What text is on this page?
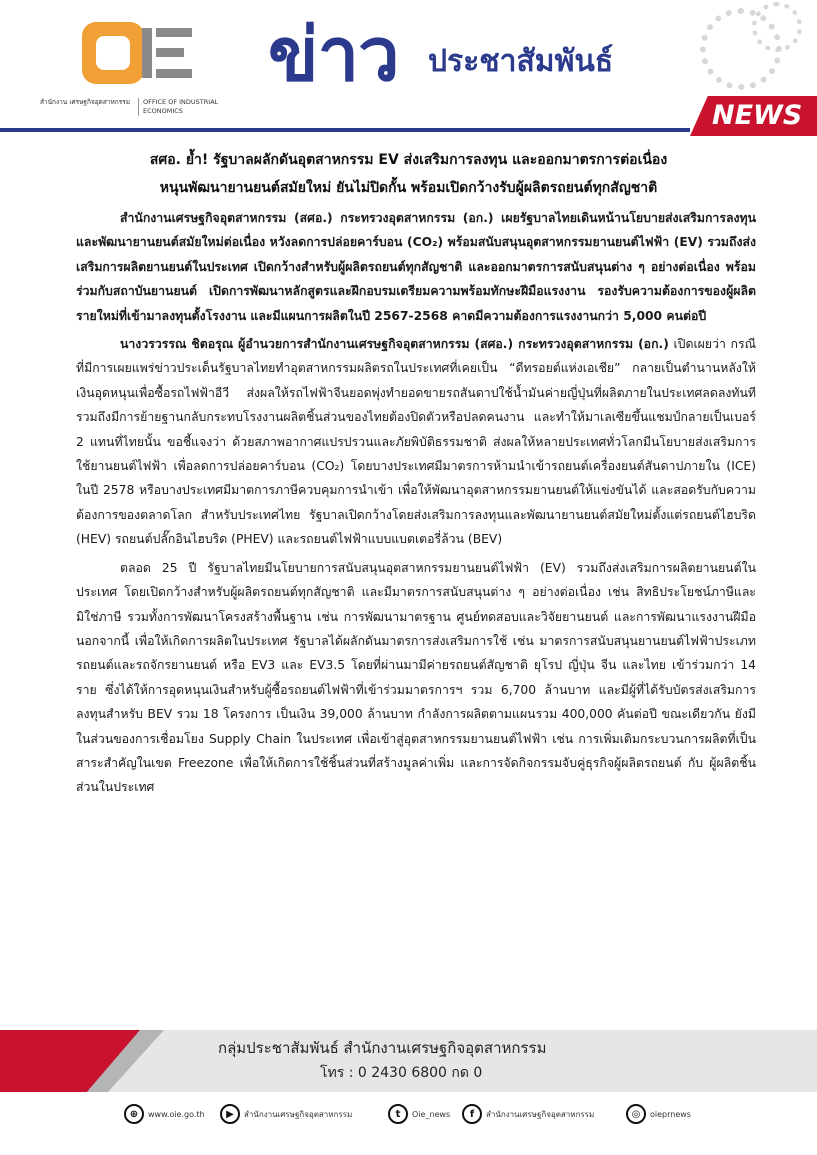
สำนักงาน เศรษฐกิจอุตสาหกรรม	OFFICE OF INDUSTRIAL ECONOMICS
ข่าว ประชาสัมพันธ์
NEWS
สศอ. ย้ำ! รัฐบาลผลักดันอุตสาหกรรม EV ส่งเสริมการลงทุน และออกมาตรการต่อเนื่อง
หนุนพัฒนายานยนต์สมัยใหม่ ยันไม่ปิดกั้น พร้อมเปิดกว้างรับผู้ผลิตรถยนต์ทุกสัญชาติ

สำนักงานเศรษฐกิจอุตสาหกรรม (สศอ.) กระทรวงอุตสาหกรรม (อก.) เผยรัฐบาลไทยเดินหน้านโยบายส่งเสริมการลงทุน และพัฒนายานยนต์สมัยใหม่ต่อเนื่อง หวังลดการปล่อยคาร์บอน (CO₂) พร้อมสนับสนุนอุตสาหกรรมยานยนต์ไฟฟ้า (EV) รวมถึงส่งเสริมการผลิตยานยนต์ในประเทศ เปิดกว้างสำหรับผู้ผลิตรถยนต์ทุกสัญชาติ และออกมาตรการสนับสนุนต่าง ๆ อย่างต่อเนื่อง พร้อมร่วมกับสถาบันยานยนต์ เปิดการพัฒนาหลักสูตรและฝึกอบรมเตรียมความพร้อมทักษะฝีมือแรงงาน รองรับความต้องการของผู้ผลิตรายใหม่ที่เข้ามาลงทุนตั้งโรงงาน และมีแผนการผลิตในปี 2567-2568 คาดมีความต้องการแรงงานกว่า 5,000 คนต่อปี

นางวรวรรณ ชิตอรุณ ผู้อำนวยการสำนักงานเศรษฐกิจอุตสาหกรรม (สศอ.) กระทรวงอุตสาหกรรม (อก.) เปิดเผยว่า กรณีที่มีการเผยแพร่ข่าวประเด็นรัฐบาลไทยทำอุตสาหกรรมผลิตรถในประเทศที่เคยเป็น “ดีทรอยต์แห่งเอเชีย” กลายเป็นตำนานหลังให้เงินอุดหนุนเพื่อซื้อรถไฟฟ้าอีวี ส่งผลให้รถไฟฟ้าจีนยอดพุ่งทำยอดขายรถสันดาปใช้น้ำมันค่ายญี่ปุ่นที่ผลิตภายในประเทศลดลงทันที รวมถึงมีการย้ายฐานกลับกระทบโรงงานผลิตชิ้นส่วนของไทยต้องปิดตัวหรือปลดคนงาน และทำให้มาเลเซียขึ้นแชมป์กลายเป็นเบอร์ 2 แทนที่ไทยนั้น ขอชี้แจงว่า ด้วยสภาพอากาศแปรปรวนและภัยพิบัติธรรมชาติ ส่งผลให้หลายประเทศทั่วโลกมีนโยบายส่งเสริมการใช้ยานยนต์ไฟฟ้า เพื่อลดการปล่อยคาร์บอน (CO₂) โดยบางประเทศมีมาตรการห้ามนำเข้ารถยนต์เครื่องยนต์สันดาปภายใน (ICE) ในปี 2578 หรือบางประเทศมีมาตการภาษีควบคุมการนำเข้า เพื่อให้พัฒนาอุตสาหกรรมยานยนต์ให้แข่งขันได้ และสอดรับกับความต้องการของตลาดโลก สำหรับประเทศไทย รัฐบาลเปิดกว้างโดยส่งเสริมการลงทุนและพัฒนายานยนต์สมัยใหม่ตั้งแต่รถยนต์ไฮบริด (HEV) รถยนต์ปลั๊กอินไฮบริด (PHEV) และรถยนต์ไฟฟ้าแบบแบตเตอรี่ล้วน (BEV)

ตลอด 25 ปี รัฐบาลไทยมีนโยบายการสนับสนุนอุตสาหกรรมยานยนต์ไฟฟ้า (EV) รวมถึงส่งเสริมการผลิตยานยนต์ในประเทศ โดยเปิดกว้างสำหรับผู้ผลิตรถยนต์ทุกสัญชาติ และมีมาตรการสนับสนุนต่าง ๆ อย่างต่อเนื่อง เช่น สิทธิประโยชน์ภาษีและมิใช่ภาษี รวมทั้งการพัฒนาโครงสร้างพื้นฐาน เช่น การพัฒนามาตรฐาน ศูนย์ทดสอบและวิจัยยานยนต์ และการพัฒนาแรงงานฝีมือ นอกจากนี้ เพื่อให้เกิดการผลิตในประเทศ รัฐบาลได้ผลักดันมาตรการส่งเสริมการใช้ เช่น มาตรการสนับสนุนยานยนต์ไฟฟ้าประเภทรถยนต์และรถจักรยานยนต์ หรือ EV3 และ EV3.5 โดยที่ผ่านมามีค่ายรถยนต์สัญชาติ ยุโรป ญี่ปุ่น จีน และไทย เข้าร่วมกว่า 14 ราย ซึ่งได้ให้การอุดหนุนเงินสำหรับผู้ซื้อรถยนต์ไฟฟ้าที่เข้าร่วมมาตรการฯ รวม 6,700 ล้านบาท และมีผู้ที่ได้รับบัตรส่งเสริมการลงทุนสำหรับ BEV รวม 18 โครงการ เป็นเงิน 39,000 ล้านบาท กำลังการผลิตตามแผนรวม 400,000 คันต่อปี ขณะเดียวกัน ยังมีในส่วนของการเชื่อมโยง Supply Chain ในประเทศ เพื่อเข้าสู่อุตสาหกรรมยานยนต์ไฟฟ้า เช่น การเพิ่มเติมกระบวนการผลิตที่เป็นสาระสำคัญในเขต Freezone เพื่อให้เกิดการใช้ชิ้นส่วนที่สร้างมูลค่าเพิ่ม และการจัดกิจกรรมจับคู่ธุรกิจผู้ผลิตรถยนต์ กับ ผู้ผลิตชิ้นส่วนในประเทศ

กลุ่มประชาสัมพันธ์ สำนักงานเศรษฐกิจอุตสาหกรรม
โทร : 0 2430 6800 กด 0
⊕	www.oie.go.th	▶	สำนักงานเศรษฐกิจอุตสาหกรรม	t	Oie_news	f	สำนักงานเศรษฐกิจอุตสาหกรรม	◎	oieprnews
